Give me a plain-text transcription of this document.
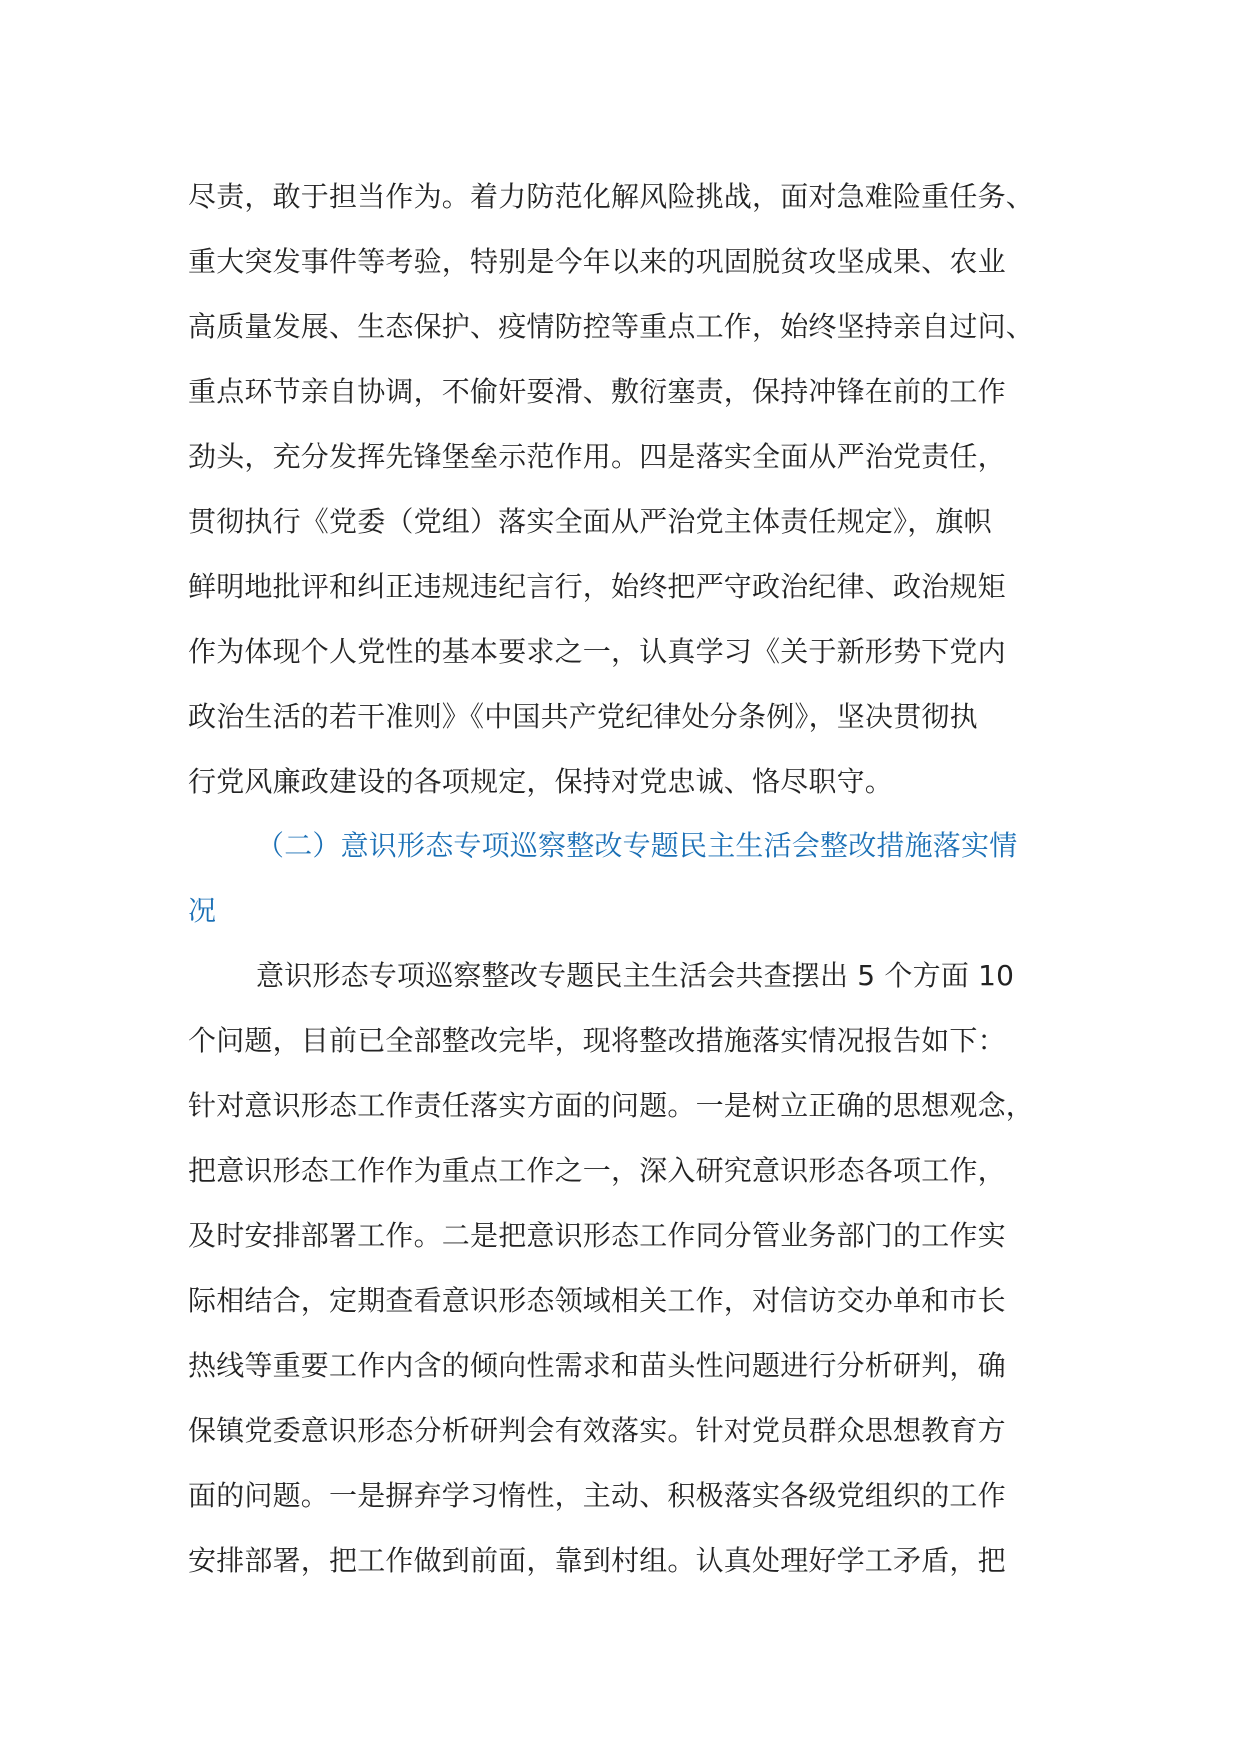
尽责，敢于担当作为。着力防范化解风险挑战，面对急难险重任务、
重大突发事件等考验，特别是今年以来的巩固脱贫攻坚成果、农业
高质量发展、生态保护、疫情防控等重点工作，始终坚持亲自过问、
重点环节亲自协调，不偷奸耍滑、敷衍塞责，保持冲锋在前的工作
劲头，充分发挥先锋堡垒示范作用。四是落实全面从严治党责任，
贯彻执行《党委（党组）落实全面从严治党主体责任规定》，旗帜
鲜明地批评和纠正违规违纪言行，始终把严守政治纪律、政治规矩
作为体现个人党性的基本要求之一，认真学习《关于新形势下党内
政治生活的若干准则》《中国共产党纪律处分条例》，坚决贯彻执
行党风廉政建设的各项规定，保持对党忠诚、恪尽职守。
（二）意识形态专项巡察整改专题民主生活会整改措施落实情
况
意识形态专项巡察整改专题民主生活会共查摆出 5 个方面 10
个问题，目前已全部整改完毕，现将整改措施落实情况报告如下：
针对意识形态工作责任落实方面的问题。一是树立正确的思想观念，
把意识形态工作作为重点工作之一，深入研究意识形态各项工作，
及时安排部署工作。二是把意识形态工作同分管业务部门的工作实
际相结合，定期查看意识形态领域相关工作，对信访交办单和市长
热线等重要工作内含的倾向性需求和苗头性问题进行分析研判，确
保镇党委意识形态分析研判会有效落实。针对党员群众思想教育方
面的问题。一是摒弃学习惰性，主动、积极落实各级党组织的工作
安排部署，把工作做到前面，靠到村组。认真处理好学工矛盾，把
